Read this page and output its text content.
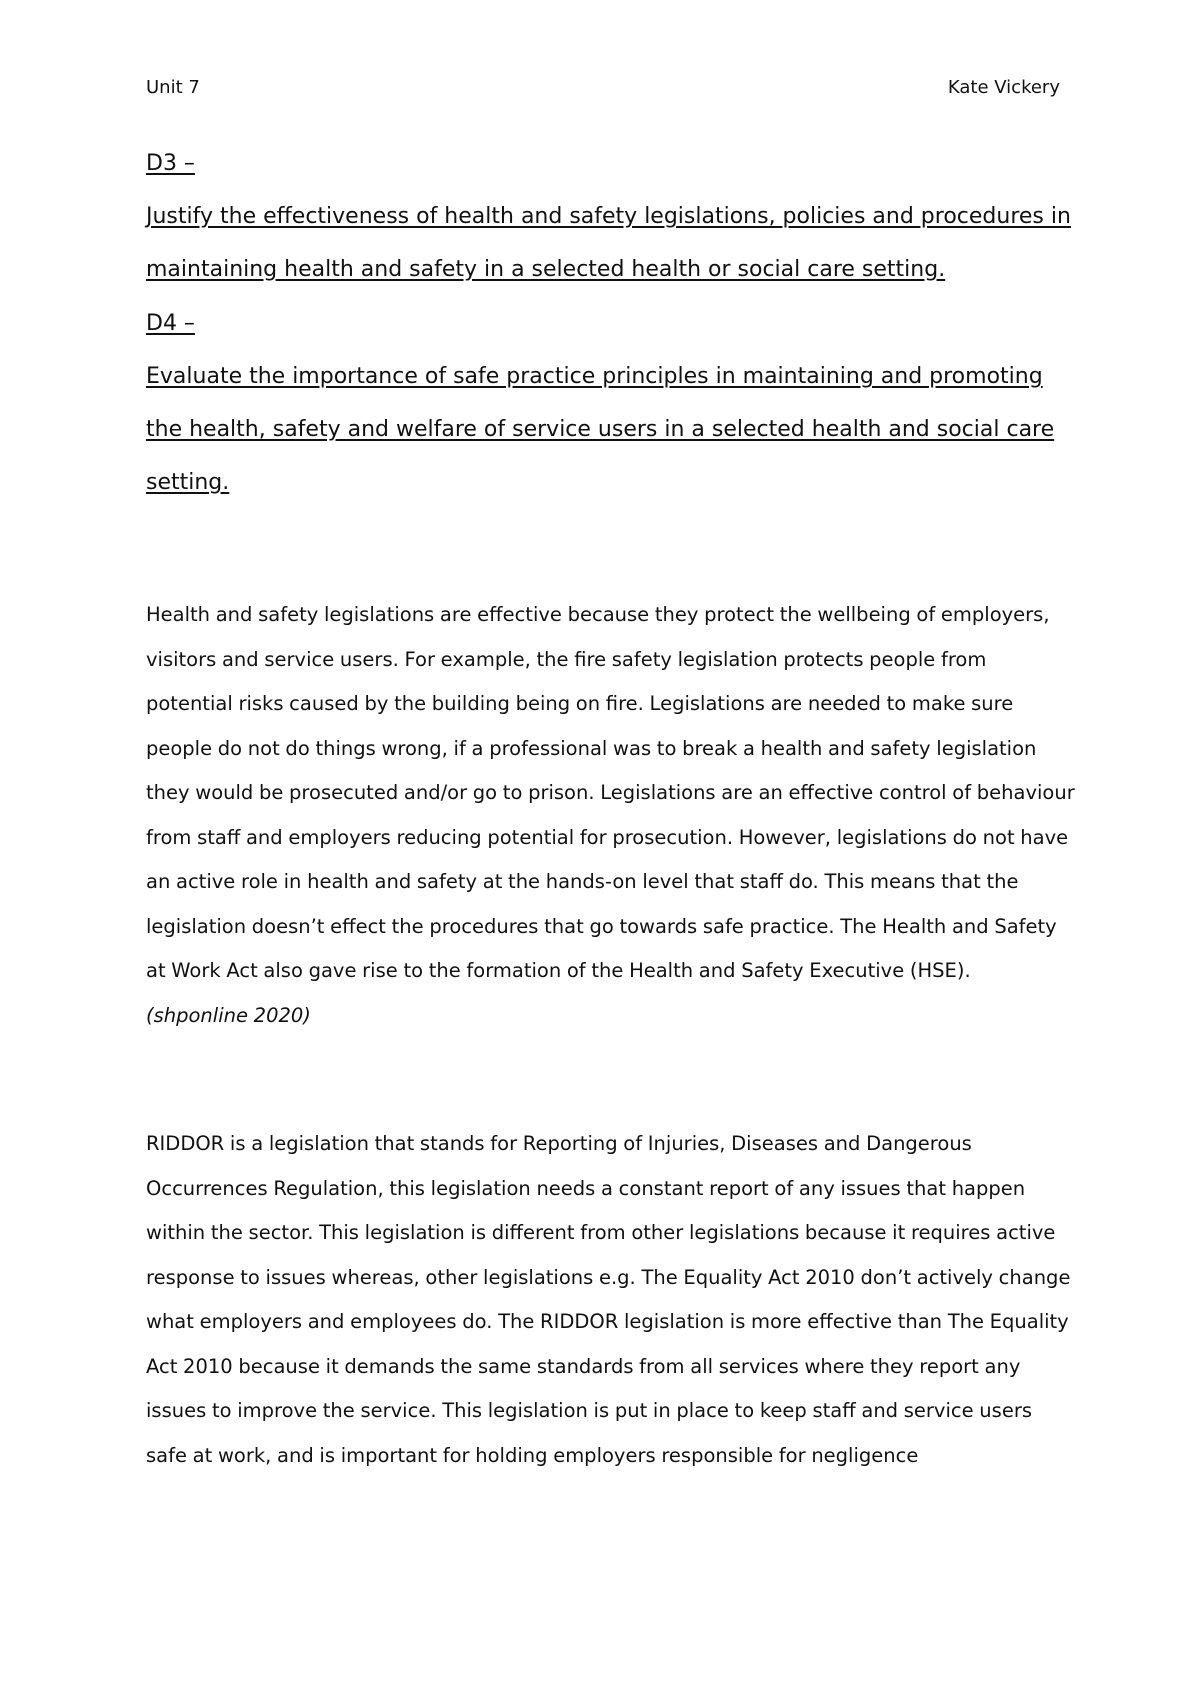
Unit 7	Kate Vickery
D3 –
Justify the effectiveness of health and safety legislations, policies and procedures in maintaining health and safety in a selected health or social care setting.
D4 –
Evaluate the importance of safe practice principles in maintaining and promoting the health, safety and welfare of service users in a selected health and social care setting.

Health and safety legislations are effective because they protect the wellbeing of employers, visitors and service users. For example, the fire safety legislation protects people from potential risks caused by the building being on fire. Legislations are needed to make sure people do not do things wrong, if a professional was to break a health and safety legislation they would be prosecuted and/or go to prison. Legislations are an effective control of behaviour from staff and employers reducing potential for prosecution. However, legislations do not have an active role in health and safety at the hands-on level that staff do. This means that the legislation doesn’t effect the procedures that go towards safe practice. The Health and Safety at Work Act also gave rise to the formation of the Health and Safety Executive (HSE). (shponline 2020)

RIDDOR is a legislation that stands for Reporting of Injuries, Diseases and Dangerous Occurrences Regulation, this legislation needs a constant report of any issues that happen within the sector. This legislation is different from other legislations because it requires active response to issues whereas, other legislations e.g. The Equality Act 2010 don’t actively change what employers and employees do. The RIDDOR legislation is more effective than The Equality Act 2010 because it demands the same standards from all services where they report any issues to improve the service. This legislation is put in place to keep staff and service users safe at work, and is important for holding employers responsible for negligence
